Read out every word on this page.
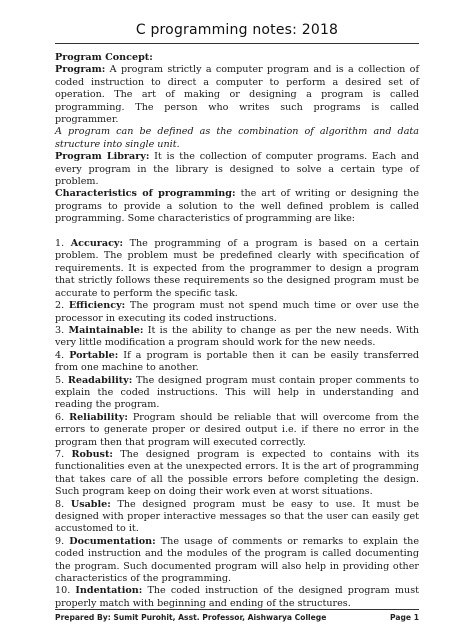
C programming notes: 2018

Program Concept:

Program: A program strictly a computer program and is a collection of coded instruction to direct a computer to perform a desired set of operation. The art of making or designing a program is called programming. The person who writes such programs is called programmer.

A program can be defined as the combination of algorithm and data structure into single unit.

Program Library: It is the collection of computer programs. Each and every program in the library is designed to solve a certain type of problem.

Characteristics of programming: the art of writing or designing the programs to provide a solution to the well defined problem is called programming. Some characteristics of programming are like:

1. Accuracy: The programming of a program is based on a certain problem. The problem must be predefined clearly with specification of requirements. It is expected from the programmer to design a program that strictly follows these requirements so the designed program must be accurate to perform the specific task.

2. Efficiency: The program must not spend much time or over use the processor in executing its coded instructions.

3. Maintainable: It is the ability to change as per the new needs. With very little modification a program should work for the new needs.

4. Portable: If a program is portable then it can be easily transferred from one machine to another.

5. Readability: The designed program must contain proper comments to explain the coded instructions. This will help in understanding and reading the program.

6. Reliability: Program should be reliable that will overcome from the errors to generate proper or desired output i.e. if there no error in the program then that program will executed correctly.

7. Robust: The designed program is expected to contains with its functionalities even at the unexpected errors. It is the art of programming that takes care of all the possible errors before completing the design. Such program keep on doing their work even at worst situations.

8. Usable: The designed program must be easy to use. It must be designed with proper interactive messages so that the user can easily get accustomed to it.

9. Documentation: The usage of comments or remarks to explain the coded instruction and the modules of the program is called documenting the program. Such documented program will also help in providing other characteristics of the programming.

10. Indentation: The coded instruction of the designed program must properly match with beginning and ending of the structures.

Prepared By: Sumit Purohit, Asst. Professor, Aishwarya College	Page 1
